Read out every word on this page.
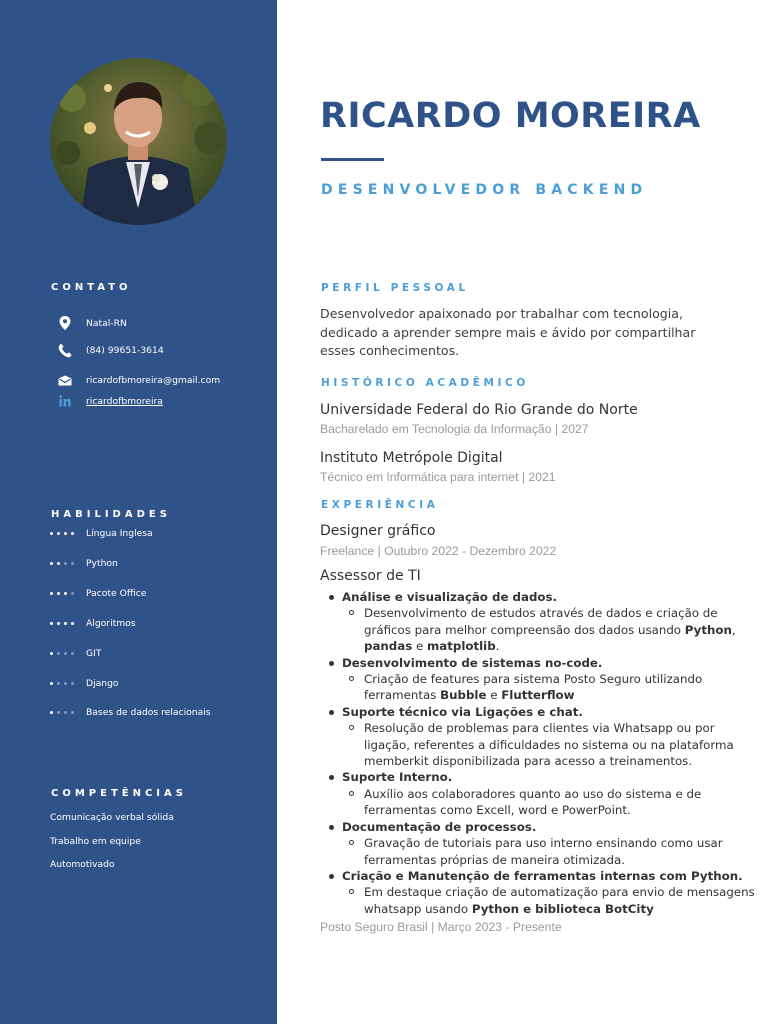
CONTATO
Natal-RN
(84) 99651-3614
ricardofbmoreira@gmail.com
ricardofbmoreira
HABILIDADES
Língua Inglesa
Python
Pacote Office
Algoritmos
GIT
Django
Bases de dados relacionais
COMPETÊNCIAS
Comunicação verbal sólida
Trabalho em equipe
Automotivado
RICARDO MOREIRA
DESENVOLVEDOR BACKEND
PERFIL PESSOAL
Desenvolvedor apaixonado por trabalhar com tecnologia, dedicado a aprender sempre mais e ávido por compartilhar esses conhecimentos.
HISTÓRICO ACADÊMICO
Universidade Federal do Rio Grande do Norte
Bacharelado em Tecnologia da Informação | 2027
Instituto Metrópole Digital
Técnico em Informática para internet | 2021
EXPERIÊNCIA
Designer gráfico
Freelance | Outubro 2022 - Dezembro 2022
Assessor de TI
Análise e visualização de dados.
Desenvolvimento de estudos através de dados e criação de gráficos para melhor compreensão dos dados usando Python, pandas e matplotlib.
Desenvolvimento de sistemas no-code.
Criação de features para sistema Posto Seguro utilizando ferramentas Bubble e Flutterflow
Suporte técnico via Ligações e chat.
Resolução de problemas para clientes via Whatsapp ou por ligação, referentes a dificuldades no sistema ou na plataforma memberkit disponibilizada para acesso a treinamentos.
Suporte Interno.
Auxílio aos colaboradores quanto ao uso do sistema e de ferramentas como Excell, word e PowerPoint.
Documentação de processos.
Gravação de tutoriais para uso interno ensinando como usar ferramentas próprias de maneira otimizada.
Criação e Manutenção de ferramentas internas com Python.
Em destaque criação de automatização para envio de mensagens whatsapp usando Python e biblioteca BotCity
Posto Seguro Brasil | Março 2023 - Presente
